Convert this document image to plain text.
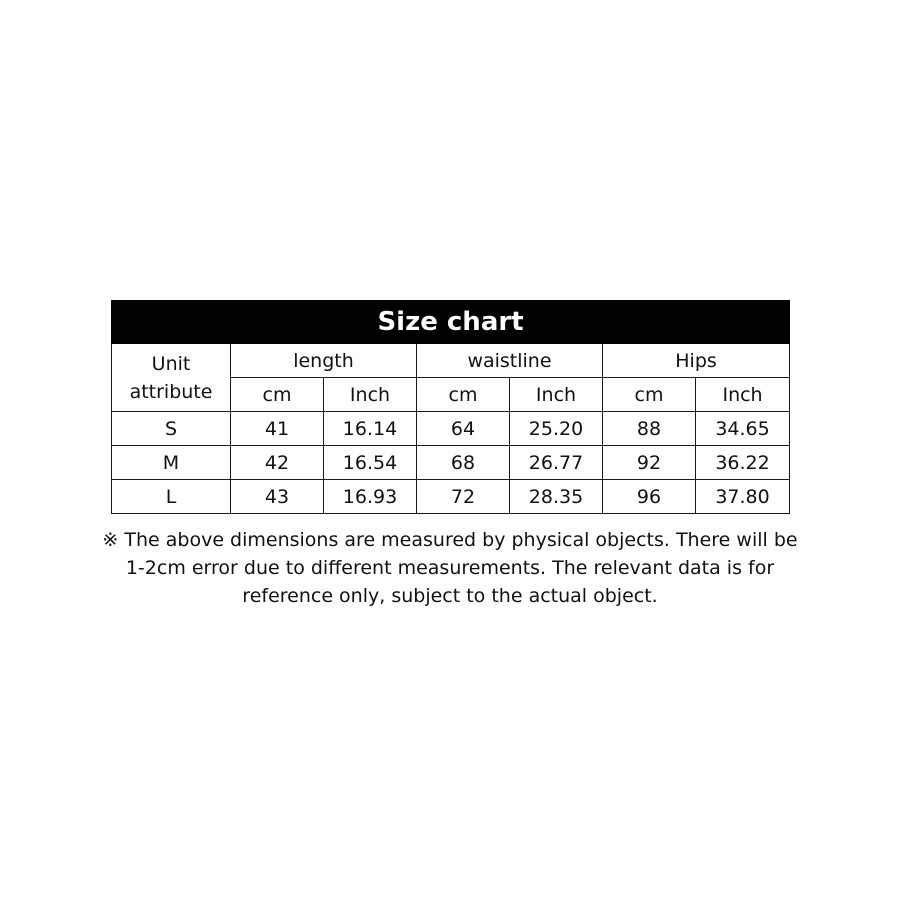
Size chart						
Unit
attribute	length		waistline		Hips	
	cm	Inch	cm	Inch	cm	Inch
S	41	16.14	64	25.20	88	34.65
M	42	16.54	68	26.77	92	36.22
L	43	16.93	72	28.35	96	37.80
※ The above dimensions are measured by physical objects. There will be
1-2cm error due to different measurements. The relevant data is for
reference only, subject to the actual object.
